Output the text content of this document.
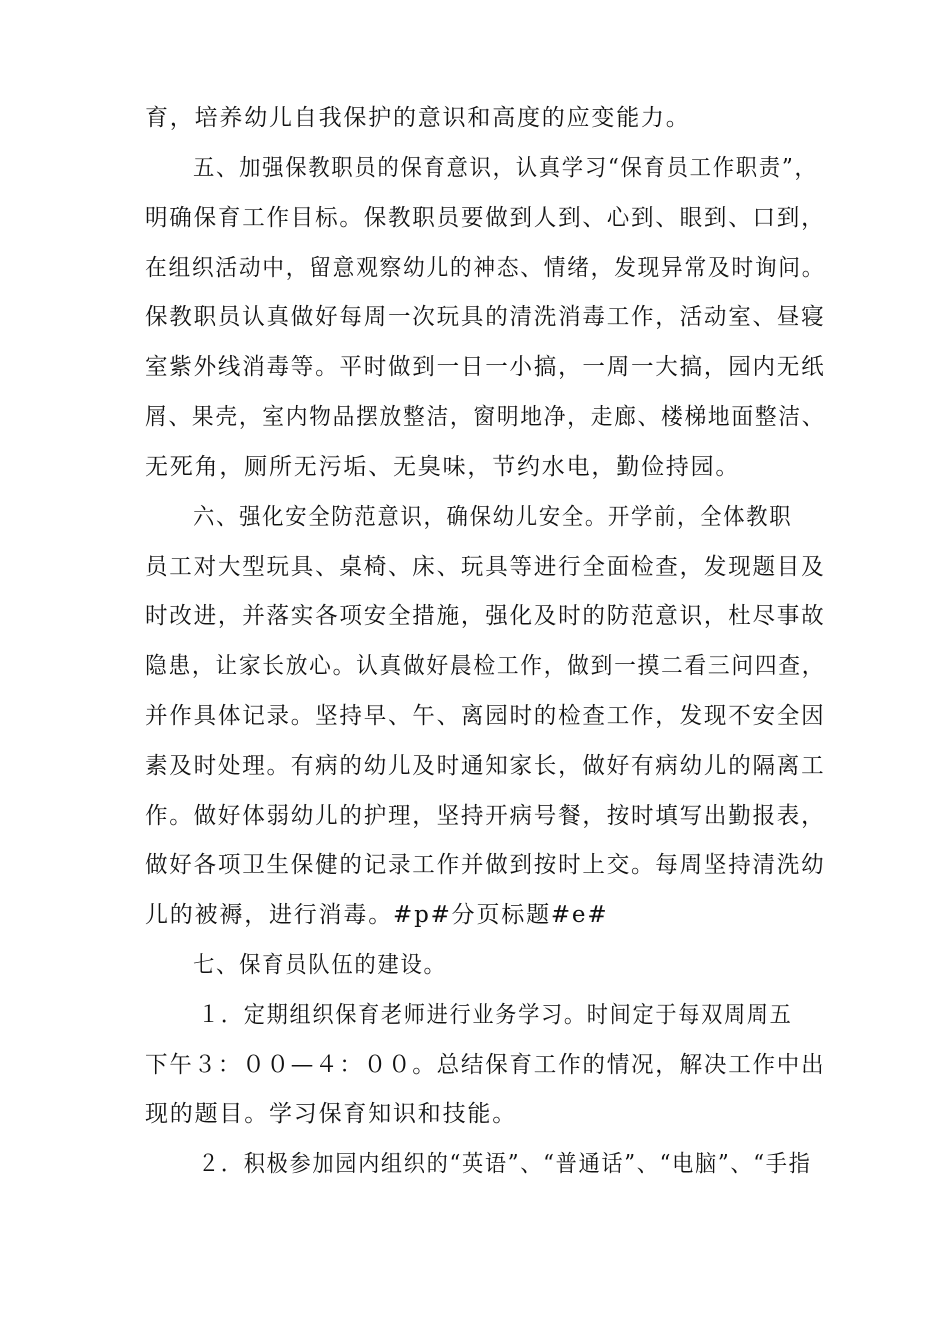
育，培养幼儿自我保护的意识和高度的应变能力。
五、加强保教职员的保育意识，认真学习“保育员工作职责”，
明确保育工作目标。保教职员要做到人到、心到、眼到、口到，
在组织活动中，留意观察幼儿的神态、情绪，发现异常及时询问。
保教职员认真做好每周一次玩具的清洗消毒工作，活动室、昼寝
室紫外线消毒等。平时做到一日一小搞，一周一大搞，园内无纸
屑、果壳，室内物品摆放整洁，窗明地净，走廊、楼梯地面整洁、
无死角，厕所无污垢、无臭味，节约水电，勤俭持园。
六、强化安全防范意识，确保幼儿安全。开学前，全体教职
员工对大型玩具、桌椅、床、玩具等进行全面检查，发现题目及
时改进，并落实各项安全措施，强化及时的防范意识，杜尽事故
隐患，让家长放心。认真做好晨检工作，做到一摸二看三问四查，
并作具体记录。坚持早、午、离园时的检查工作，发现不安全因
素及时处理。有病的幼儿及时通知家长，做好有病幼儿的隔离工
作。做好体弱幼儿的护理，坚持开病号餐，按时填写出勤报表，
做好各项卫生保健的记录工作并做到按时上交。每周坚持清洗幼
儿的被褥，进行消毒。#p#分页标题#e#
七、保育员队伍的建设。
１．定期组织保育老师进行业务学习。时间定于每双周周五
下午３：００—４：００。总结保育工作的情况，解决工作中出
现的题目。学习保育知识和技能。
２．积极参加园内组织的“英语”、“普通话”、“电脑”、“手指
